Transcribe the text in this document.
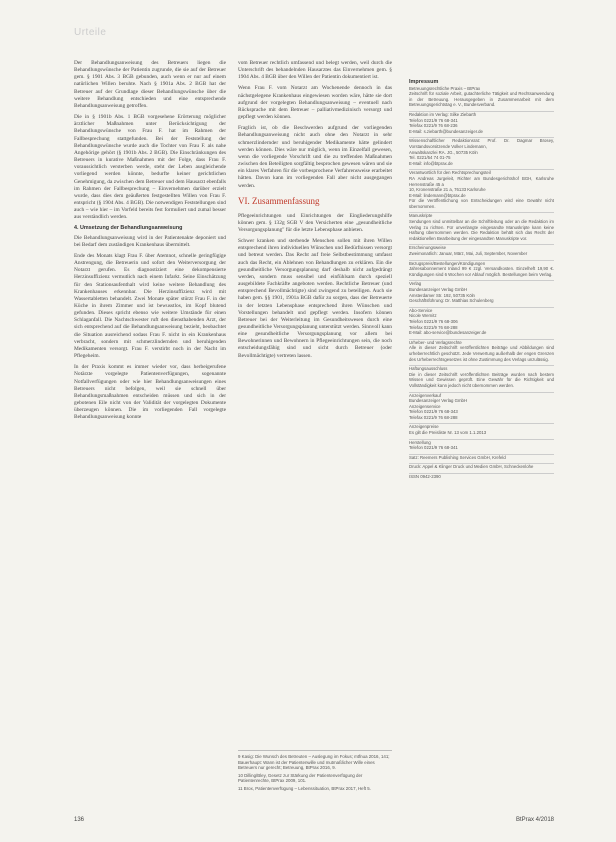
Urteile

Der Behandlungsanweisung des Betreuers liegen die Behandlungswünsche der Patientin zugrunde, die sie auf der Betreuer gem. § 1901 Abs. 3 BGB gebunden, auch wenn er nur auf einem natürlichen Willen beruhte. Nach § 1901a Abs. 2 BGB hat der Betreuer auf der Grundlage dieser Behandlungswünsche über die weitere Behandlung entschieden und eine entsprechende Behandlungsanweisung getroffen.

Die in § 1901b Abs. 1 BGB vorgesehene Erörterung möglicher ärztlicher Maßnahmen unter Berücksichtigung der Behandlungswünsche von Frau F. hat im Rahmen der Fallbesprechung stattgefunden. Bei der Feststellung der Behandlungswünsche wurde auch die Tochter von Frau F. als nahe Angehörige gehört (§ 1901b Abs. 2 BGB). Die Einschränkungen des Betreuers in kurative Maßnahmen mit der Folge, dass Frau F. voraussichtlich versterben werde, steht der Leben ausgleichende vorliegend werden könnte, bedurfte keiner gerichtlichen Genehmigung, da zwischen dem Betreuer und dem Hausarzt ebenfalls im Rahmen der Fallbesprechung – Einvernehmen darüber erzielt wurde, dass dies dem geäußerten festgestellten Willen von Frau F. entspricht (§ 1904 Abs. 4 BGB). Die notwendigen Feststellungen sind auch – wie hier – im Vorfeld bereits fest formuliert und zumal besser aus verständlich werden.

4. Umsetzung der Behandlungsanweisung

Die Behandlungsanweisung wird in der Patientenakte deponiert und bei Bedarf dem zuständigen Krankenhaus übermittelt.

Ende des Monats klagt Frau F. über Atemnot, schnelle geringfügige Anstrengung, die Betreuerin und sofort den Weiterversorgung der Notarzt gerufen. Es diagnostiziert eine dekompensierte Herzinsuffizienz vermutlich nach einem Infarkt. Seine Einschätzung für den Stationsaufenthalt wird keine weitere Behandlung des Krankenhauses erkennbar. Die Herzinsuffizienz wird mit Wassertabletten behandelt. Zwei Monate später stürzt Frau F. in der Küche in ihrem Zimmer und ist bewusstlos, im Kopf blutend gefunden. Dieses spricht ebenso wie weitere Umstände für einen Schlaganfall. Die Nachtschwester ruft den diensthabenden Arzt, der sich entsprechend auf die Behandlungsanweisung bezieht, beobachtet die Situation ausreichend sodass Frau F. nicht in ein Krankenhaus verbracht, sondern mit schmerzlindernden und beruhigenden Medikamenten versorgt. Frau F. verstirbt noch in der Nacht im Pflegeheim.

In der Praxis kommt es immer wieder vor, dass herbeigerufene Notärzte vorgelegte Patientenverfügungen, sogenannte Notfallverfügungen oder wie hier Behandlungsanweisungen eines Betreuers nicht befolgen, weil sie schnell über Behandlungsmaßnahmen entscheiden müssen und sich in der gebotenen Eile nicht von der Validität der vorgelegten Dokumente überzeugen können. Die im vorliegenden Fall vorgelegte Behandlungsanweisung konnte

vom Betreuer rechtlich umfassend und belegt werden, weil durch die Unterschrift des behandelnden Hausarztes das Einvernehmen gem. § 1904 Abs. 4 BGB über den Willen der Patientin dokumentiert ist.

Wenn Frau F. vom Notarzt am Wochenende dennoch in das nächstgelegene Krankenhaus eingewiesen worden wäre, hätte sie dort aufgrund der vorgelegten Behandlungsanweisung – eventuell nach Rücksprache mit dem Betreuer – palliativmedizinisch versorgt und gepflegt werden können.

Fraglich ist, ob die Beschwerden aufgrund der vorliegenden Behandlungsanweisung nicht auch ohne den Notarzt in sehr schmerzlindernder und beruhigender Medikamente hätte gelindert werden können. Dies wäre nur möglich, wenn im Einzelfall gewesen, wenn die vorliegende Vorschrift und die zu treffenden Maßnahmen zwischen den Beteiligten sorgfältig besprochen gewesen wären und sie ein klares Verfahren für die vorbesprochene Verfahrensweise erarbeitet hätten. Davon kann im vorliegenden Fall aber nicht ausgegangen werden.

VI. Zusammenfassung

Pflegeeinrichtungen und Einrichtungen der Eingliederungshilfe können gem. § 132g SGB V den Versicherten eine „gesundheitliche Versorgungsplanung" für die letzte Lebensphase anbieten.

Schwer kranken und sterbende Menschen sollen mit ihren Willen entsprechend ihren individuellen Wünschen und Bedürfnissen versorgt und betreut werden. Das Recht auf freie Selbstbestimmung umfasst auch das Recht, ein Ablehnen von Behandlungen zu erklären. Ein die gesundheitliche Versorgungsplanung darf deshalb nicht aufgedrängt werden, sondern muss sensibel und einfühlsam durch speziell ausgebildete Fachkräfte angeboten werden. Rechtliche Betreuer (und entsprechend Bevollmächtigte) sind zwingend zu beteiligen. Auch sie haben gem. §§ 1901, 1901a BGB dafür zu sorgen, dass der Betreuerte in der letzten Lebensphase entsprechend ihren Wünschen und Vorstellungen behandelt und gepflegt werden. Insofern können Betreuer bei der Weiterleitung im Gesundheitswesen durch eine gesundheitliche Versorgungsplanung unterstützt werden. Sinnvoll kann eine gesundheitliche Versorgungsplanung vor allem bei Bewohnerinnen und Bewohnern in Pflegeeinrichtungen sein, die noch entscheidungsfähig sind und sicht durch Betreuer (oder Bevollmächtigte) vertreten lassen.

9 Kasig: Die Wunsch des Betreuten – Auslegung im Fokus; mtfnua 2016, 141; Bauerhaupt: Wann ist der Patientenwille und mutmaßlicher Wille eines Betreuers nur gerecht; Betreuung, BtPrax 2016, 9.
10 Dilling/Bley, Gesetz zur Stärkung der Patientenverfügung der Patientenrechte, BtPrax 2009, 101.
11 Brox, Patientenverfügung – Lebenssituation, BtPrax 2017, Heft 5.
Impressum
Betreuungsrechtliche Praxis – BtPrax
Zeitschrift für soziale Arbeit, gutachterliche Tätigkeit und Rechtsanwendung in der Betreuung. Herausgegeben in Zusammenarbeit mit dem Betreuungsgerichtstag e. V., Bundesverband.
Redaktion im Verlag: Silke Ziebarth
Telefon 0221/9 76 68-341
Telefax 0221/9 76 68-236
E-Mail: s.ziebarth@bundesanzeiger.de
Wissenschaftlicher Redaktionsrat: Prof. Dr. Dagmar Brosey, Vorstandsvorsitzende Volker Lindemann,
Anwaltskanzlei RA. JG., 50735 Köln
Tel. 0221/54 74 01-75
E-Mail: info@btprax.de
Verantwortlich für den Rechtsprechungsteil
RA Andreas Jurgeleit, Richter am Bundesgerichtshof BGH, Karlsruhe Herrenstraße 45 a
10, Kronenstraße 21 a, 76133 Karlsruhe
E-Mail: lindemann@btprax.de
Für die Veröffentlichung von Entscheidungen wird eine Gewähr nicht übernommen.
Manuskripte
Sendungen sind unmittelbar an die Schriftleitung oder an die Redaktion im Verlag zu richten. Für unverlangte eingesandte Manuskripte kann keine Haftung übernommen werden. Die Redaktion behält sich das Recht der redaktionellen Bearbeitung der eingesandten Manuskripte vor.
Erscheinungsweise
Zweimonatlich: Januar, März, Mai, Juli, September, November
Bezugspreis/Bestellungen/Kündigungen
Jahresabonnement Inland 99 € zzgl. Versandkosten. Einzelheft 19,90 €. Kündigungen sind 6 Wochen vor Ablauf möglich. Bestellungen beim Verlag.
Verlag
Bundesanzeiger Verlag GmbH
Amsterdamer Str. 192, 50735 Köln
Geschäftsführung: Dr. Matthias Schulenberg
Abo-Service
Nicole Wernitz
Telefon 0221/9 76 68-306
Telefax 0221/9 76 68-288
E-Mail: abo-service@bundesanzeiger.de
Urheber- und Verlagsrechte
Alle in dieser Zeitschrift veröffentlichten Beiträge und Abbildungen sind urheberrechtlich geschützt. Jede Verwertung außerhalb der engen Grenzen des Urheberrechtsgesetzes ist ohne Zustimmung des Verlags unzulässig.
Haftungsausschluss
Die in dieser Zeitschrift veröffentlichten Beiträge wurden nach bestem Wissen und Gewissen geprüft. Eine Gewähr für die Richtigkeit und Vollständigkeit kann jedoch nicht übernommen werden.
Anzeigenverkauf
Bundesanzeiger Verlag GmbH
Anzeigenservice
Telefon 0221/9 76 68-343
Telefax 0221/9 76 68-288
Anzeigenpreise
Es gilt die Preisliste Nr. 13 vom 1.1.2013
Herstellung
Telefon 0221/9 76 68-341
Satz: Reemers Publishing Services GmbH, Krefeld
Druck: Appel & Klinger Druck und Medien GmbH, Schneckenlohe
ISSN 0942-2390
136	BtPrax 4/2018
